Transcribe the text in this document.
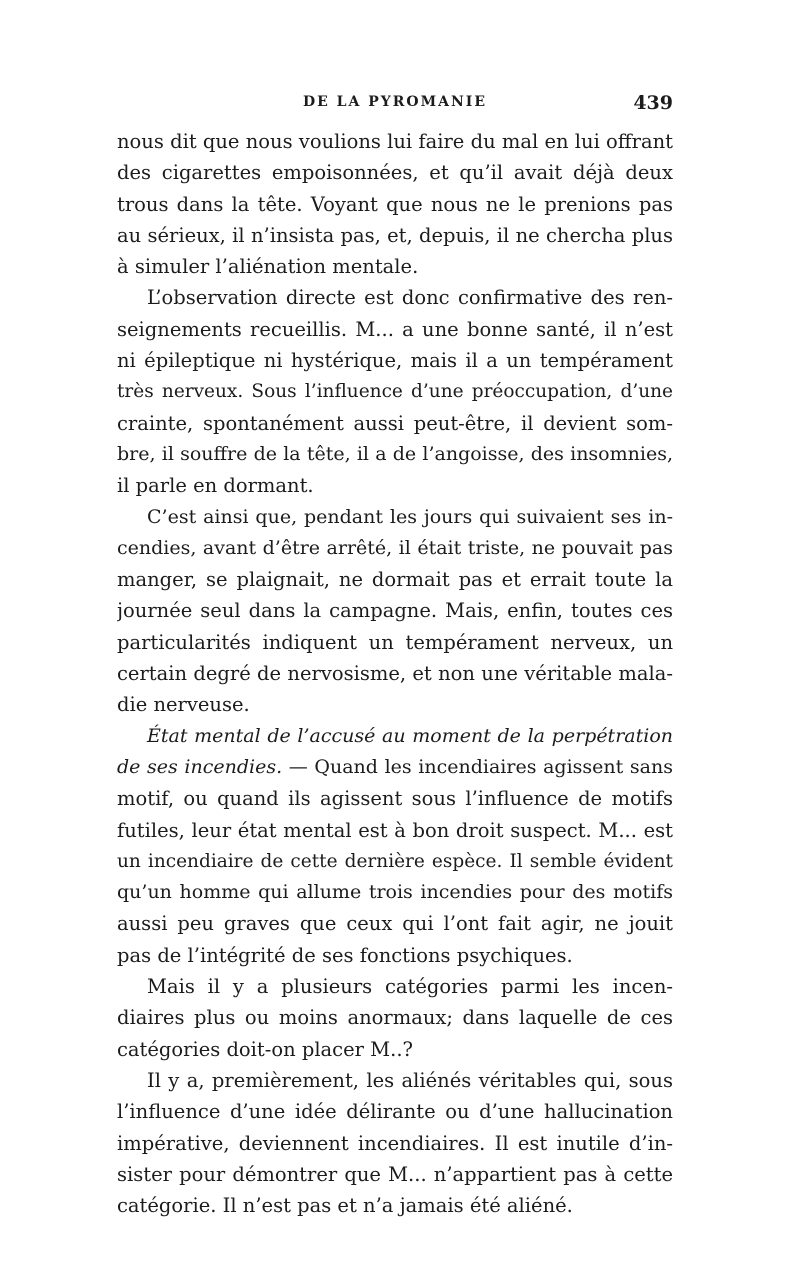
DE LA PYROMANIE	439
nous dit que nous voulions lui faire du mal en lui offrant
des cigarettes empoisonnées, et qu’il avait déjà deux
trous dans la tête. Voyant que nous ne le prenions pas
au sérieux, il n’insista pas, et, depuis, il ne chercha plus
à simuler l’aliénation mentale.
L’observation directe est donc confirmative des ren-
seignements recueillis. M... a une bonne santé, il n’est
ni épileptique ni hystérique, mais il a un tempérament
très nerveux. Sous l’influence d’une préoccupation, d’une
crainte, spontanément aussi peut-être, il devient som-
bre, il souffre de la tête, il a de l’angoisse, des insomnies,
il parle en dormant.
C’est ainsi que, pendant les jours qui suivaient ses in-
cendies, avant d’être arrêté, il était triste, ne pouvait pas
manger, se plaignait, ne dormait pas et errait toute la
journée seul dans la campagne. Mais, enfin, toutes ces
particularités indiquent un tempérament nerveux, un
certain degré de nervosisme, et non une véritable mala-
die nerveuse.
État mental de l’accusé au moment de la perpétration
de ses incendies. — Quand les incendiaires agissent sans
motif, ou quand ils agissent sous l’influence de motifs
futiles, leur état mental est à bon droit suspect. M... est
un incendiaire de cette dernière espèce. Il semble évident
qu’un homme qui allume trois incendies pour des motifs
aussi peu graves que ceux qui l’ont fait agir, ne jouit
pas de l’intégrité de ses fonctions psychiques.
Mais il y a plusieurs catégories parmi les incen-
diaires plus ou moins anormaux; dans laquelle de ces
catégories doit-on placer M..?
Il y a, premièrement, les aliénés véritables qui, sous
l’influence d’une idée délirante ou d’une hallucination
impérative, deviennent incendiaires. Il est inutile d’in-
sister pour démontrer que M... n’appartient pas à cette
catégorie. Il n’est pas et n’a jamais été aliéné.
